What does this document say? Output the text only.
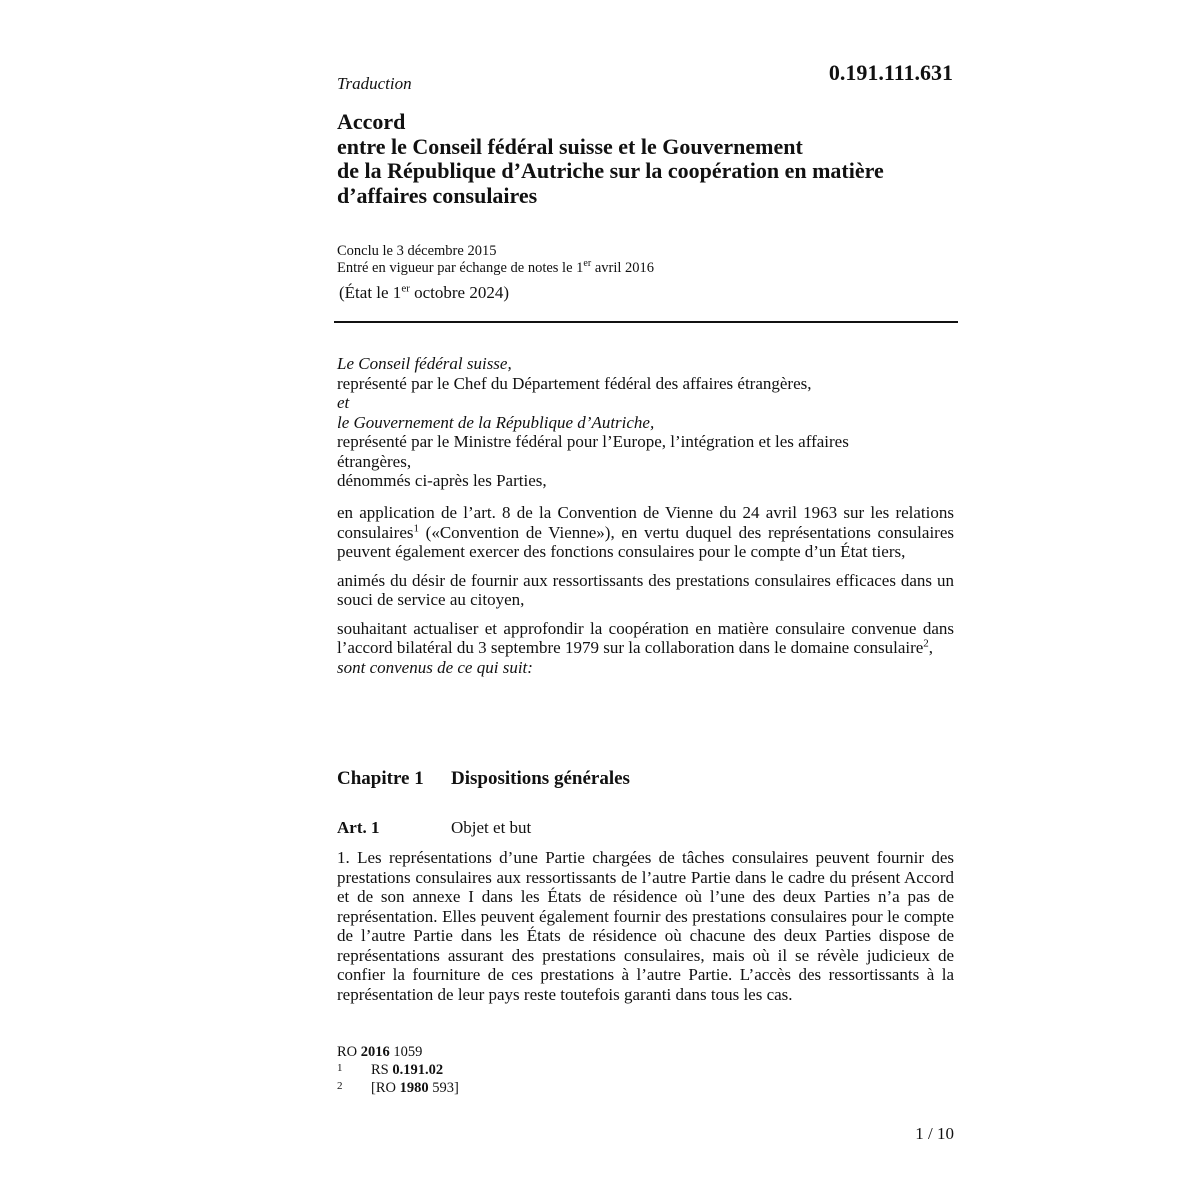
Traduction	0.191.111.631
Accord
entre le Conseil fédéral suisse et le Gouvernement
de la République d’Autriche sur la coopération en matière
d’affaires consulaires
Conclu le 3 décembre 2015
Entré en vigueur par échange de notes le 1er avril 2016
(État le 1er octobre 2024)
Le Conseil fédéral suisse,
représenté par le Chef du Département fédéral des affaires étrangères,
et
le Gouvernement de la République d’Autriche,
représenté par le Ministre fédéral pour l’Europe, l’intégration et les affaires
étrangères,
dénommés ci-après les Parties,

en application de l’art. 8 de la Convention de Vienne du 24 avril 1963 sur les relations consulaires$^1$ («Convention de Vienne»), en vertu duquel des représentations consulaires peuvent également exercer des fonctions consulaires pour le compte d’un État tiers,

animés du désir de fournir aux ressortissants des prestations consulaires efficaces dans un souci de service au citoyen,

souhaitant actualiser et approfondir la coopération en matière consulaire convenue dans l’accord bilatéral du 3 septembre 1979 sur la collaboration dans le domaine consulaire$^2$,

sont convenus de ce qui suit:

Chapitre 1 Dispositions générales
Art. 1	Objet et but

1. Les représentations d’une Partie chargées de tâches consulaires peuvent fournir des prestations consulaires aux ressortissants de l’autre Partie dans le cadre du présent Accord et de son annexe I dans les États de résidence où l’une des deux Parties n’a pas de représentation. Elles peuvent également fournir des prestations consulaires pour le compte de l’autre Partie dans les États de résidence où chacune des deux Parties dispose de représentations assurant des prestations consulaires, mais où il se révèle judicieux de confier la fourniture de ces prestations à l’autre Partie. L’accès des ressortissants à la représentation de leur pays reste toutefois garanti dans tous les cas.

RO 2016 1059
1 RS 0.191.02
2 [RO 1980 593]
1 / 10
